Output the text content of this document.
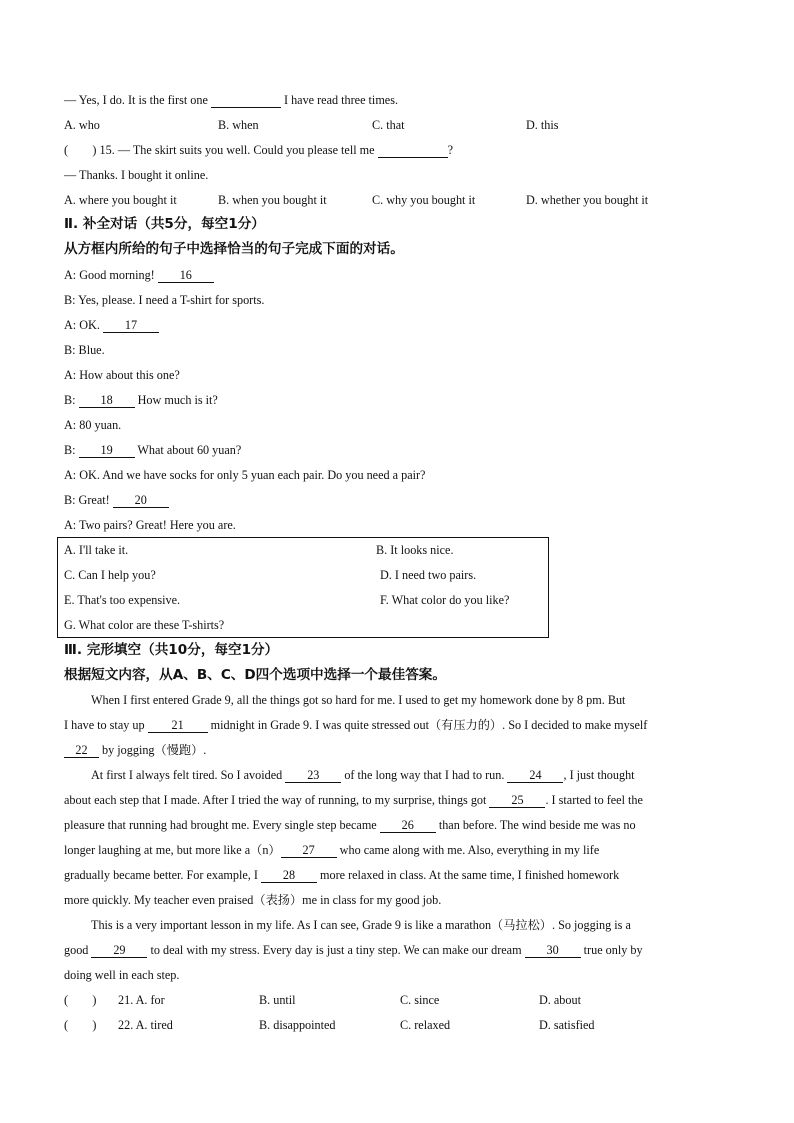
— Yes, I do. It is the first one	I have read three times.
A. who	B. when	C. that	D. this
(　　) 15. — The skirt suits you well. Could you please tell me	?
— Thanks. I bought it online.
A. where you bought it	B. when you bought it	C. why you bought it	D. whether you bought it
Ⅱ. 补全对话（共5分，每空1分）
从方框内所给的句子中选择恰当的句子完成下面的对话。
A: Good morning! 16
B: Yes, please. I need a T-shirt for sports.
A: OK. 17
B: Blue.
A: How about this one?
B: 18 How much is it?
A: 80 yuan.
B: 19 What about 60 yuan?
A: OK. And we have socks for only 5 yuan each pair. Do you need a pair?
B: Great! 20
A: Two pairs? Great! Here you are.
A. I'll take it.	B. It looks nice.
C. Can I help you?	D. I need two pairs.
E. That's too expensive.	F. What color do you like?
G. What color are these T-shirts?
Ⅲ. 完形填空（共10分，每空1分）
根据短文内容，从A、B、C、D四个选项中选择一个最佳答案。
When I first entered Grade 9, all the things got so hard for me. I used to get my homework done by 8 pm. But
I have to stay up 21 midnight in Grade 9. I was quite stressed out（有压力的）. So I decided to make myself
22 by jogging（慢跑）.
At first I always felt tired. So I avoided 23 of the long way that I had to run. 24 , I just thought
about each step that I made. After I tried the way of running, to my surprise, things got 25 . I started to feel the
pleasure that running had brought me. Every single step became 26 than before. The wind beside me was no
longer laughing at me, but more like a（n） 27 who came along with me. Also, everything in my life
gradually became better. For example, I 28 more relaxed in class. At the same time, I finished homework
more quickly. My teacher even praised（表扬）me in class for my good job.
This is a very important lesson in my life. As I can see, Grade 9 is like a marathon（马拉松）. So jogging is a
good 29 to deal with my stress. Every day is just a tiny step. We can make our dream 30 true only by
doing well in each step.
(　　) 21. A. for	B. until	C. since	D. about
(　　) 22. A. tired	B. disappointed	C. relaxed	D. satisfied
